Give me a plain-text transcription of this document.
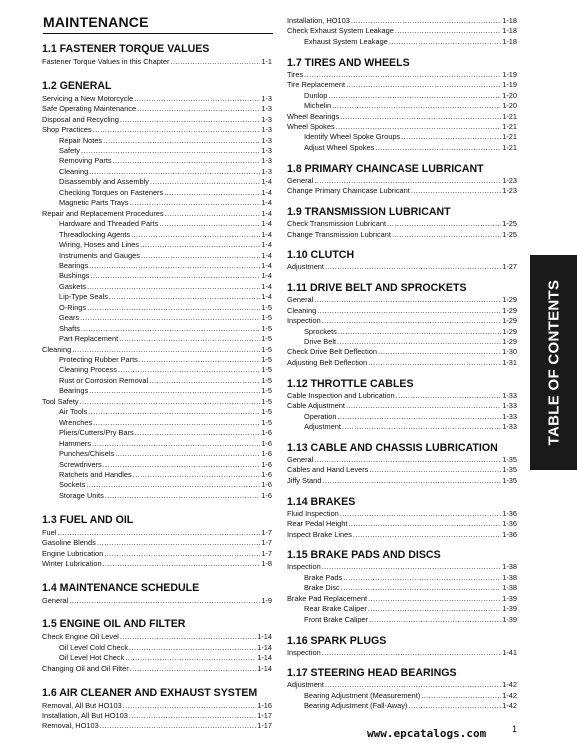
MAINTENANCE
1.1 FASTENER TORQUE VALUES
Fastener Torque Values in this Chapter .....	1-1
1.2 GENERAL
Servicing a New Motorcycle .....	1-3
Safe Operating Maintenance .....	1-3
Disposal and Recycling .....	1-3
Shop Practices .....	1-3
Repair Notes .....	1-3
Safety .....	1-3
Removing Parts .....	1-3
Cleaning .....	1-3
Disassembly and Assembly .....	1-4
Checking Torques on Fasteners .....	1-4
Magnetic Parts Trays .....	1-4
Repair and Replacement Procedures .....	1-4
Hardware and Threaded Parts .....	1-4
Threadlocking Agents .....	1-4
Wiring, Hoses and Lines .....	1-4
Instruments and Gauges .....	1-4
Bearings .....	1-4
Bushings .....	1-4
Gaskets .....	1-4
Lip-Type Seals .....	1-4
O-Rings .....	1-5
Gears .....	1-5
Shafts .....	1-5
Part Replacement .....	1-5
Cleaning .....	1-5
Protecting Rubber Parts .....	1-5
Cleaning Process .....	1-5
Rust or Corrosion Removal .....	1-5
Bearings .....	1-5
Tool Safety .....	1-5
Air Tools .....	1-5
Wrenches .....	1-5
Pliers/Cutters/Pry Bars .....	1-6
Hammers .....	1-6
Punches/Chisels .....	1-6
Screwdrivers .....	1-6
Ratchets and Handles .....	1-6
Sockets .....	1-6
Storage Units .....	1-6
1.3 FUEL AND OIL
Fuel .....	1-7
Gasoline Blends .....	1-7
Engine Lubrication .....	1-7
Winter Lubrication .....	1-8
1.4 MAINTENANCE SCHEDULE
General .....	1-9
1.5 ENGINE OIL AND FILTER
Check Engine Oil Level .....	1-14
Oil Level Cold Check .....	1-14
Oil Level Hot Check .....	1-14
Changing Oil and Oil Filter .....	1-14
1.6 AIR CLEANER AND EXHAUST SYSTEM
Removal, All But HO103 .....	1-16
Installation, All But HO103 .....	1-17
Removal, HO103 .....	1-17
Installation, HO103 .....	1-18
Check Exhaust System Leakage .....	1-18
Exhaust System Leakage .....	1-18
1.7 TIRES AND WHEELS
Tires .....	1-19
Tire Replacement .....	1-19
Dunlop .....	1-20
Michelin .....	1-20
Wheel Bearings .....	1-21
Wheel Spokes .....	1-21
Identify Wheel Spoke Groups .....	1-21
Adjust Wheel Spokes .....	1-21
1.8 PRIMARY CHAINCASE LUBRICANT
General .....	1-23
Change Primary Chaincase Lubricant .....	1-23
1.9 TRANSMISSION LUBRICANT
Check Transmission Lubricant .....	1-25
Change Transmission Lubricant .....	1-25
1.10 CLUTCH
Adjustment .....	1-27
1.11 DRIVE BELT AND SPROCKETS
General .....	1-29
Cleaning .....	1-29
Inspection .....	1-29
Sprockets .....	1-29
Drive Belt .....	1-29
Check Drive Belt Deflection .....	1-30
Adjusting Belt Deflection .....	1-31
1.12 THROTTLE CABLES
Cable Inspection and Lubrication .....	1-33
Cable Adjustment .....	1-33
Operation .....	1-33
Adjustment .....	1-33
1.13 CABLE AND CHASSIS LUBRICATION
General .....	1-35
Cables and Hand Levers .....	1-35
Jiffy Stand .....	1-35
1.14 BRAKES
Fluid Inspection .....	1-36
Rear Pedal Height .....	1-36
Inspect Brake Lines .....	1-36
1.15 BRAKE PADS AND DISCS
Inspection .....	1-38
Brake Pads .....	1-38
Brake Disc .....	1-38
Brake Pad Replacement .....	1-39
Rear Brake Caliper .....	1-39
Front Brake Caliper .....	1-39
1.16 SPARK PLUGS
Inspection .....	1-41
1.17 STEERING HEAD BEARINGS
Adjustment .....	1-42
Bearing Adjustment (Measurement) .....	1-42
Bearing Adjustment (Fall-Away) .....	1-42
TABLE OF CONTENTS
www.epcatalogs.com	1
